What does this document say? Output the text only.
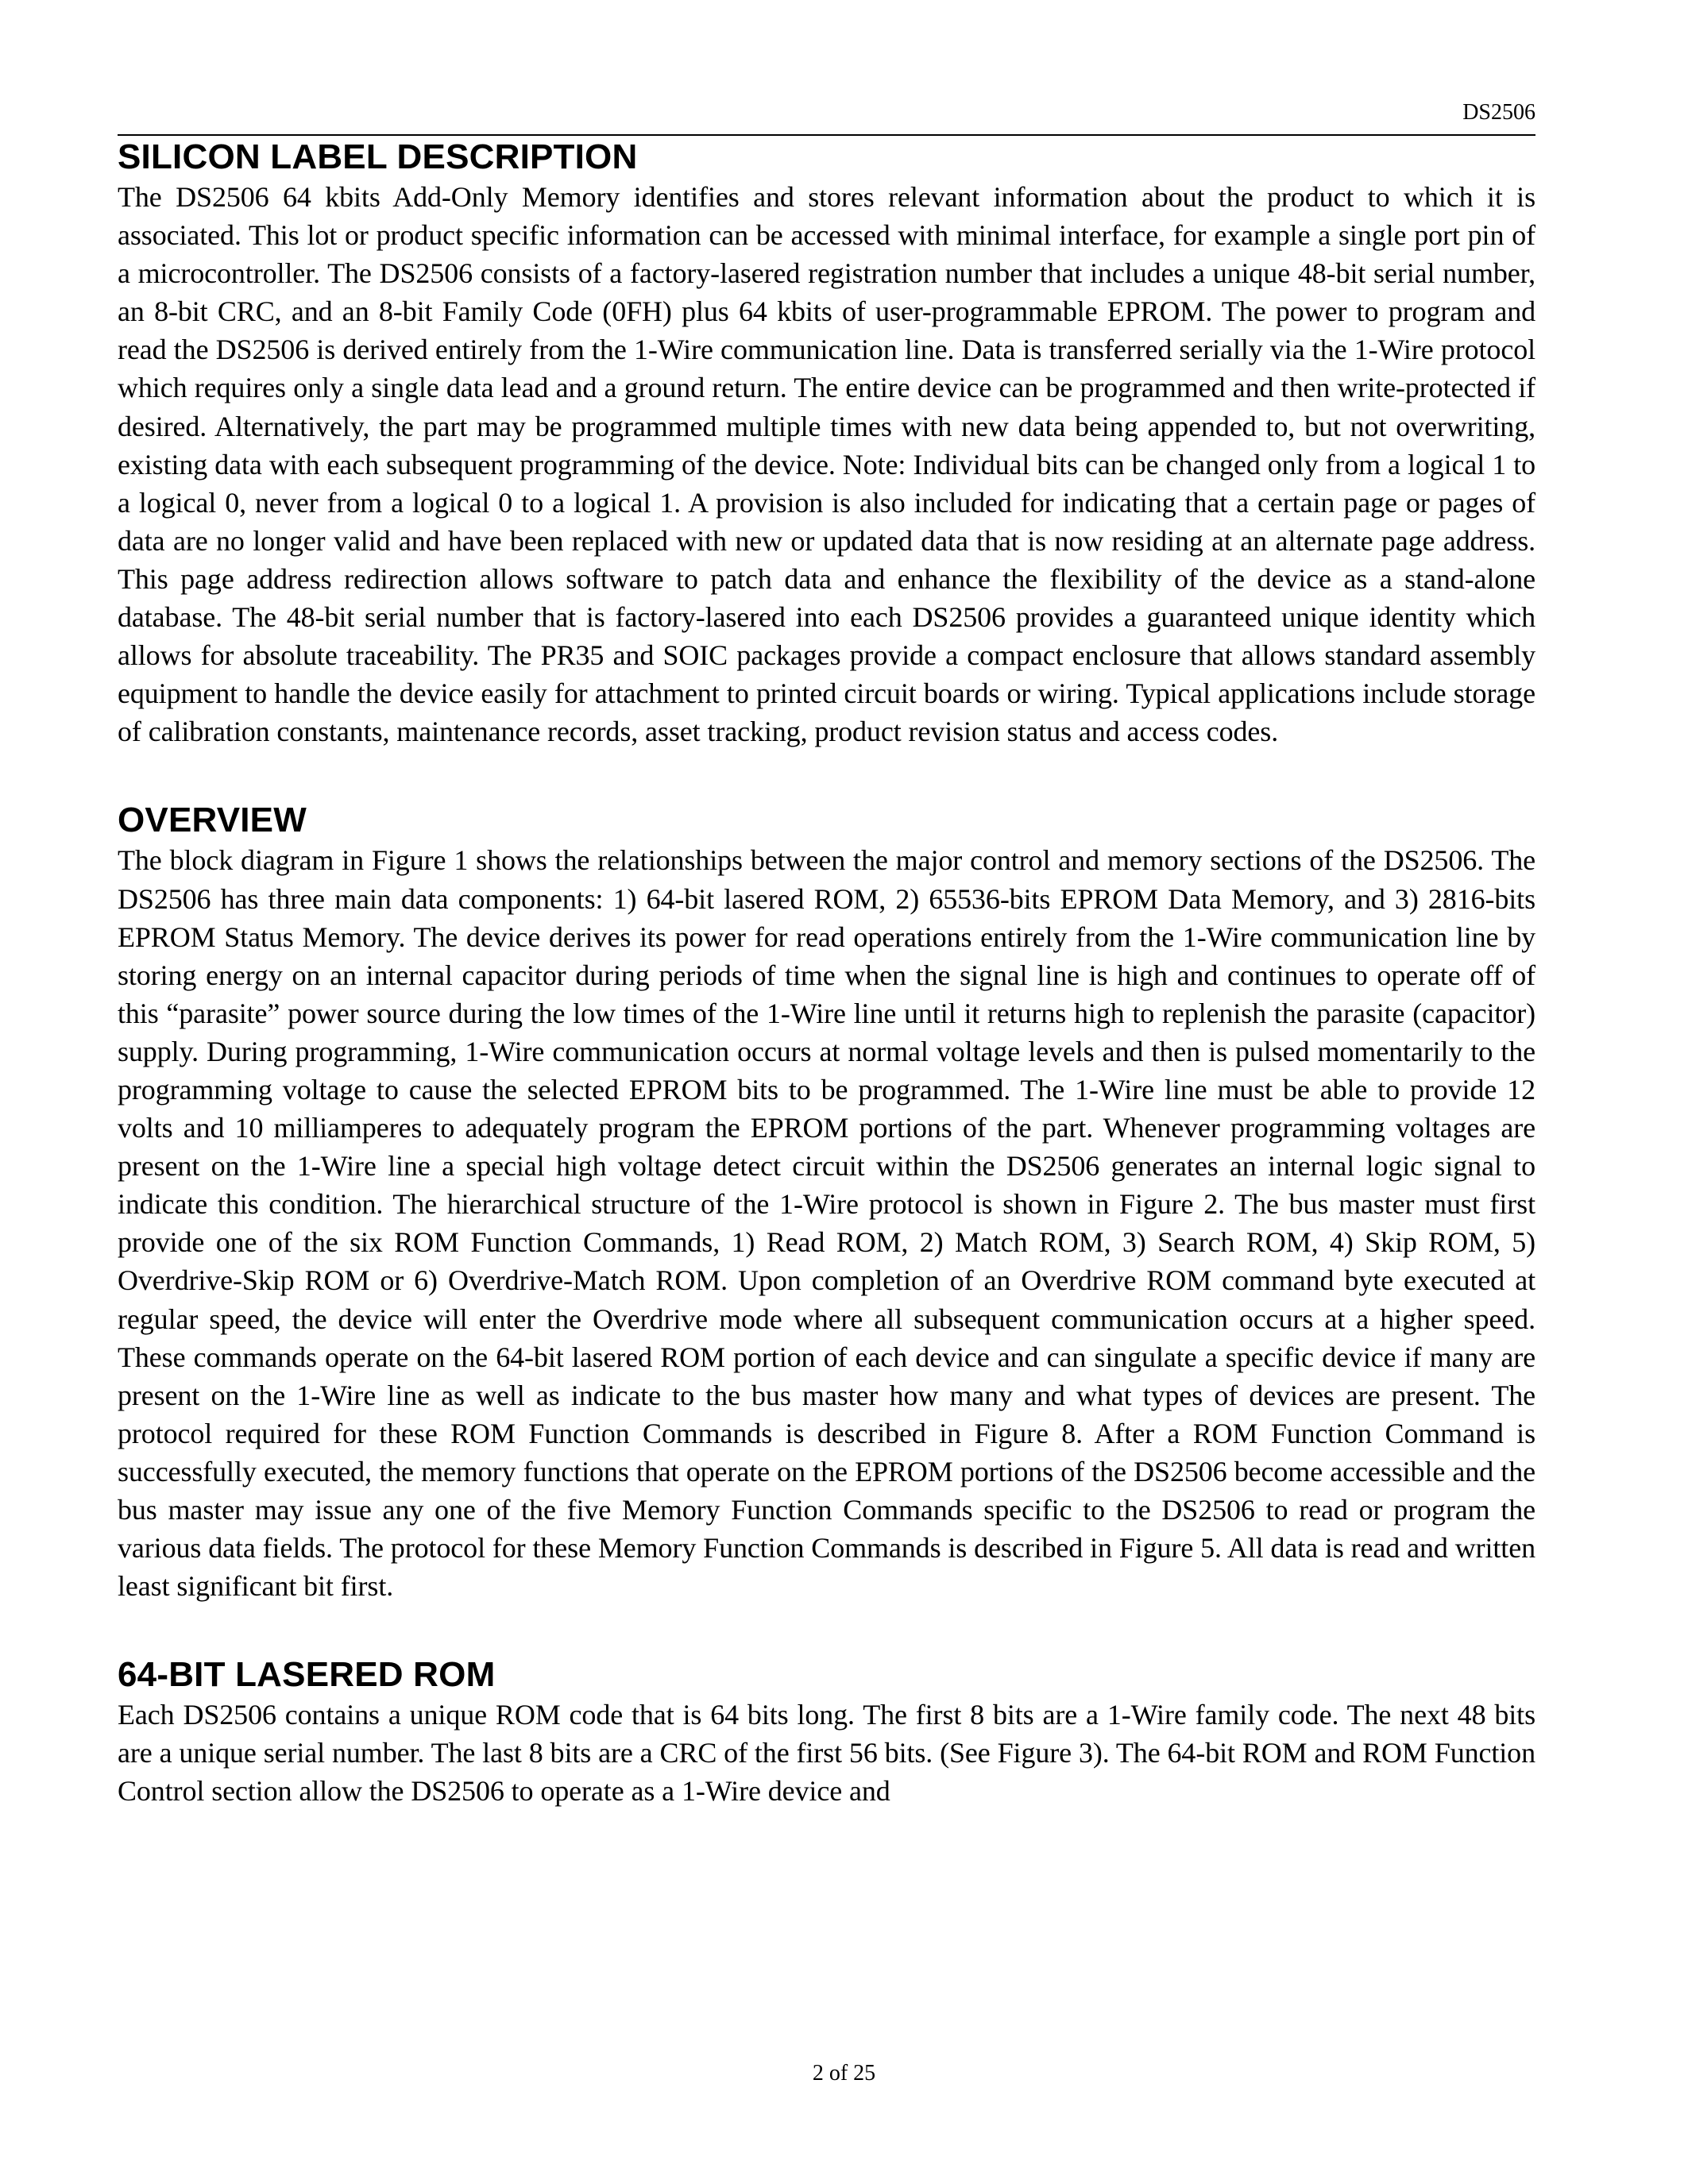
DS2506
SILICON LABEL DESCRIPTION

The DS2506 64 kbits Add-Only Memory identifies and stores relevant information about the product to which it is associated. This lot or product specific information can be accessed with minimal interface, for example a single port pin of a microcontroller. The DS2506 consists of a factory-lasered registration number that includes a unique 48-bit serial number, an 8-bit CRC, and an 8-bit Family Code (0FH) plus 64 kbits of user-programmable EPROM. The power to program and read the DS2506 is derived entirely from the 1-Wire communication line. Data is transferred serially via the 1-Wire protocol which requires only a single data lead and a ground return. The entire device can be programmed and then write-protected if desired. Alternatively, the part may be programmed multiple times with new data being appended to, but not overwriting, existing data with each subsequent programming of the device. Note: Individual bits can be changed only from a logical 1 to a logical 0, never from a logical 0 to a logical 1. A provision is also included for indicating that a certain page or pages of data are no longer valid and have been replaced with new or updated data that is now residing at an alternate page address. This page address redirection allows software to patch data and enhance the flexibility of the device as a stand-alone database. The 48-bit serial number that is factory-lasered into each DS2506 provides a guaranteed unique identity which allows for absolute traceability. The PR35 and SOIC packages provide a compact enclosure that allows standard assembly equipment to handle the device easily for attachment to printed circuit boards or wiring. Typical applications include storage of calibration constants, maintenance records, asset tracking, product revision status and access codes.

OVERVIEW

The block diagram in Figure 1 shows the relationships between the major control and memory sections of the DS2506. The DS2506 has three main data components: 1) 64-bit lasered ROM, 2) 65536-bits EPROM Data Memory, and 3) 2816-bits EPROM Status Memory. The device derives its power for read operations entirely from the 1-Wire communication line by storing energy on an internal capacitor during periods of time when the signal line is high and continues to operate off of this “parasite” power source during the low times of the 1-Wire line until it returns high to replenish the parasite (capacitor) supply. During programming, 1-Wire communication occurs at normal voltage levels and then is pulsed momentarily to the programming voltage to cause the selected EPROM bits to be programmed. The 1-Wire line must be able to provide 12 volts and 10 milliamperes to adequately program the EPROM portions of the part. Whenever programming voltages are present on the 1-Wire line a special high voltage detect circuit within the DS2506 generates an internal logic signal to indicate this condition. The hierarchical structure of the 1-Wire protocol is shown in Figure 2. The bus master must first provide one of the six ROM Function Commands, 1) Read ROM, 2) Match ROM, 3) Search ROM, 4) Skip ROM, 5) Overdrive-Skip ROM or 6) Overdrive-Match ROM. Upon completion of an Overdrive ROM command byte executed at regular speed, the device will enter the Overdrive mode where all subsequent communication occurs at a higher speed. These commands operate on the 64-bit lasered ROM portion of each device and can singulate a specific device if many are present on the 1-Wire line as well as indicate to the bus master how many and what types of devices are present. The protocol required for these ROM Function Commands is described in Figure 8. After a ROM Function Command is successfully executed, the memory functions that operate on the EPROM portions of the DS2506 become accessible and the bus master may issue any one of the five Memory Function Commands specific to the DS2506 to read or program the various data fields. The protocol for these Memory Function Commands is described in Figure 5. All data is read and written least significant bit first.

64-BIT LASERED ROM

Each DS2506 contains a unique ROM code that is 64 bits long. The first 8 bits are a 1-Wire family code. The next 48 bits are a unique serial number. The last 8 bits are a CRC of the first 56 bits. (See Figure 3). The 64-bit ROM and ROM Function Control section allow the DS2506 to operate as a 1-Wire device and

2 of 25
